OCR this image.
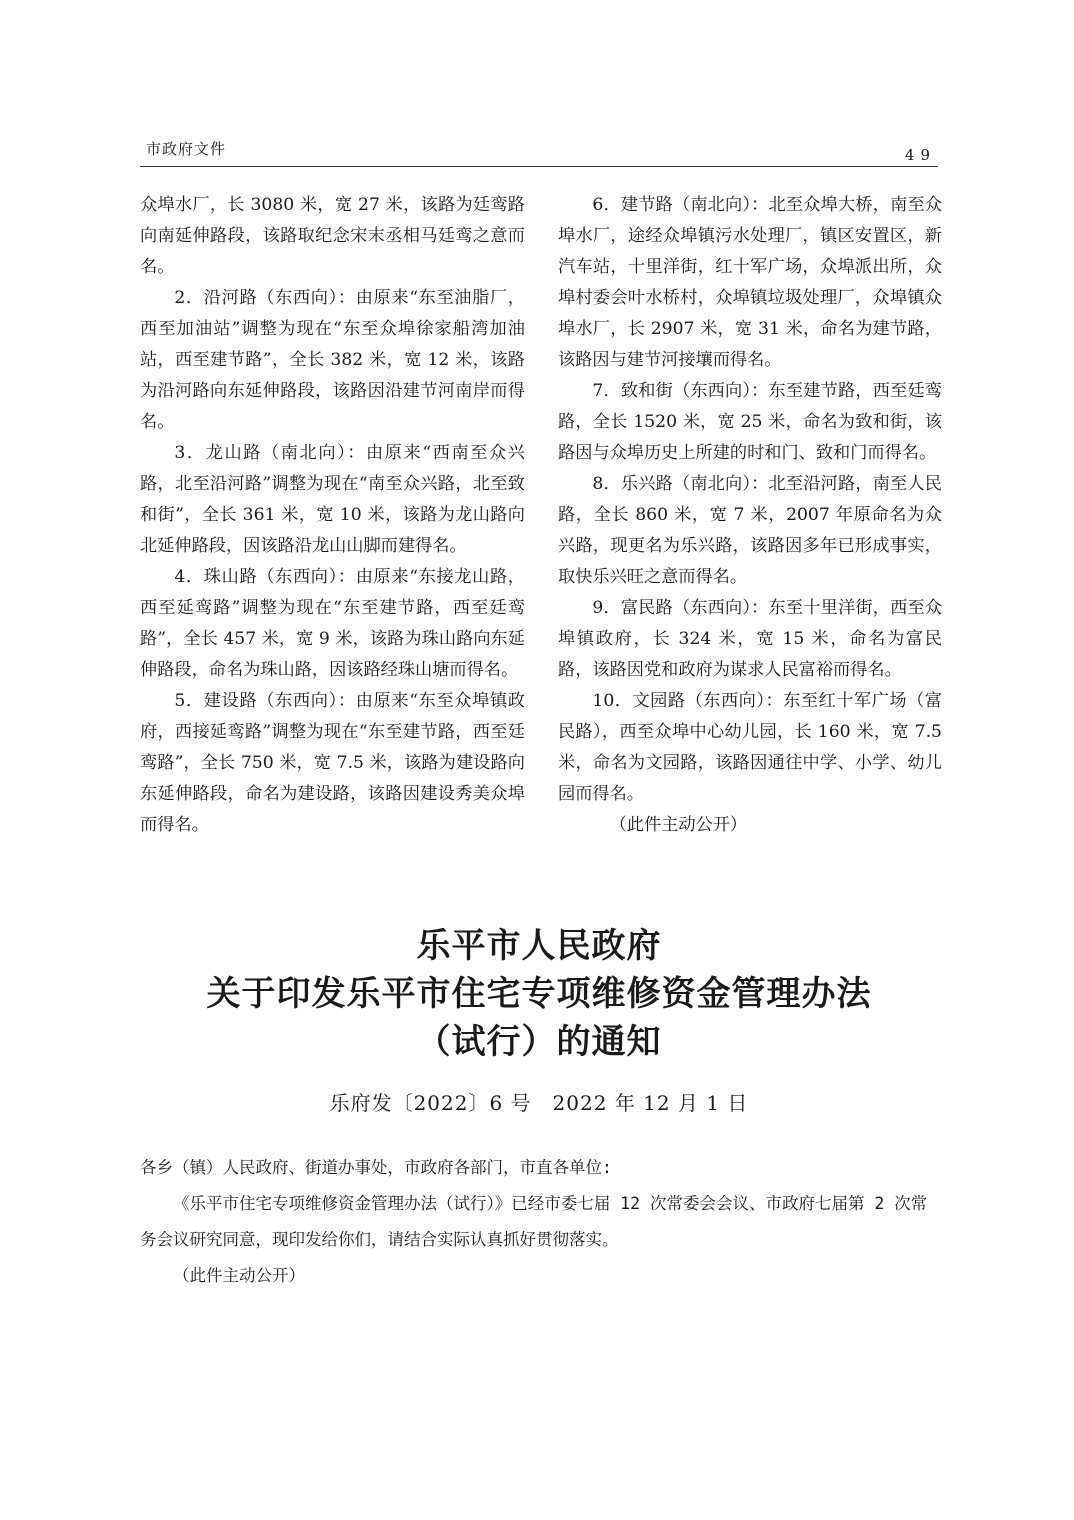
市政府文件	49

众埠水厂，长 3080 米，宽 27 米，该路为廷鸾路向南延伸路段，该路取纪念宋末丞相马廷鸾之意而名。

2．沿河路（东西向）：由原来“东至油脂厂，西至加油站”调整为现在“东至众埠徐家船湾加油站，西至建节路”，全长 382 米，宽 12 米，该路为沿河路向东延伸路段，该路因沿建节河南岸而得名。

3．龙山路（南北向）：由原来“西南至众兴路，北至沿河路”调整为现在“南至众兴路，北至致和街”，全长 361 米，宽 10 米，该路为龙山路向北延伸路段，因该路沿龙山山脚而建得名。

4．珠山路（东西向）：由原来“东接龙山路，西至延鸾路”调整为现在“东至建节路，西至廷鸾路”，全长 457 米，宽 9 米，该路为珠山路向东延伸路段，命名为珠山路，因该路经珠山塘而得名。

5．建设路（东西向）：由原来“东至众埠镇政府，西接延鸾路”调整为现在“东至建节路，西至廷鸾路”，全长 750 米，宽 7.5 米，该路为建设路向东延伸路段，命名为建设路，该路因建设秀美众埠而得名。

6．建节路（南北向）：北至众埠大桥，南至众埠水厂，途经众埠镇污水处理厂，镇区安置区，新汽车站，十里洋街，红十军广场，众埠派出所，众埠村委会叶水桥村，众埠镇垃圾处理厂，众埠镇众埠水厂，长 2907 米，宽 31 米，命名为建节路，该路因与建节河接壤而得名。

7．致和街（东西向）：东至建节路，西至廷鸾路，全长 1520 米，宽 25 米，命名为致和街，该路因与众埠历史上所建的时和门、致和门而得名。

8．乐兴路（南北向）：北至沿河路，南至人民路，全长 860 米，宽 7 米，2007 年原命名为众兴路，现更名为乐兴路，该路因多年已形成事实，取快乐兴旺之意而得名。

9．富民路（东西向）：东至十里洋街，西至众埠镇政府，长 324 米，宽 15 米，命名为富民路，该路因党和政府为谋求人民富裕而得名。

10．文园路（东西向）：东至红十军广场（富民路），西至众埠中心幼儿园，长 160 米，宽 7.5 米，命名为文园路，该路因通往中学、小学、幼儿园而得名。

（此件主动公开）

乐平市人民政府
关于印发乐平市住宅专项维修资金管理办法
（试行）的通知
乐府发〔2022〕6 号　2022 年 12 月 1 日

各乡（镇）人民政府、街道办事处，市政府各部门，市直各单位:

《乐平市住宅专项维修资金管理办法（试行）》已经市委七届 12 次常委会会议、市政府七届第 2 次常务会议研究同意，现印发给你们，请结合实际认真抓好贯彻落实。

（此件主动公开）
